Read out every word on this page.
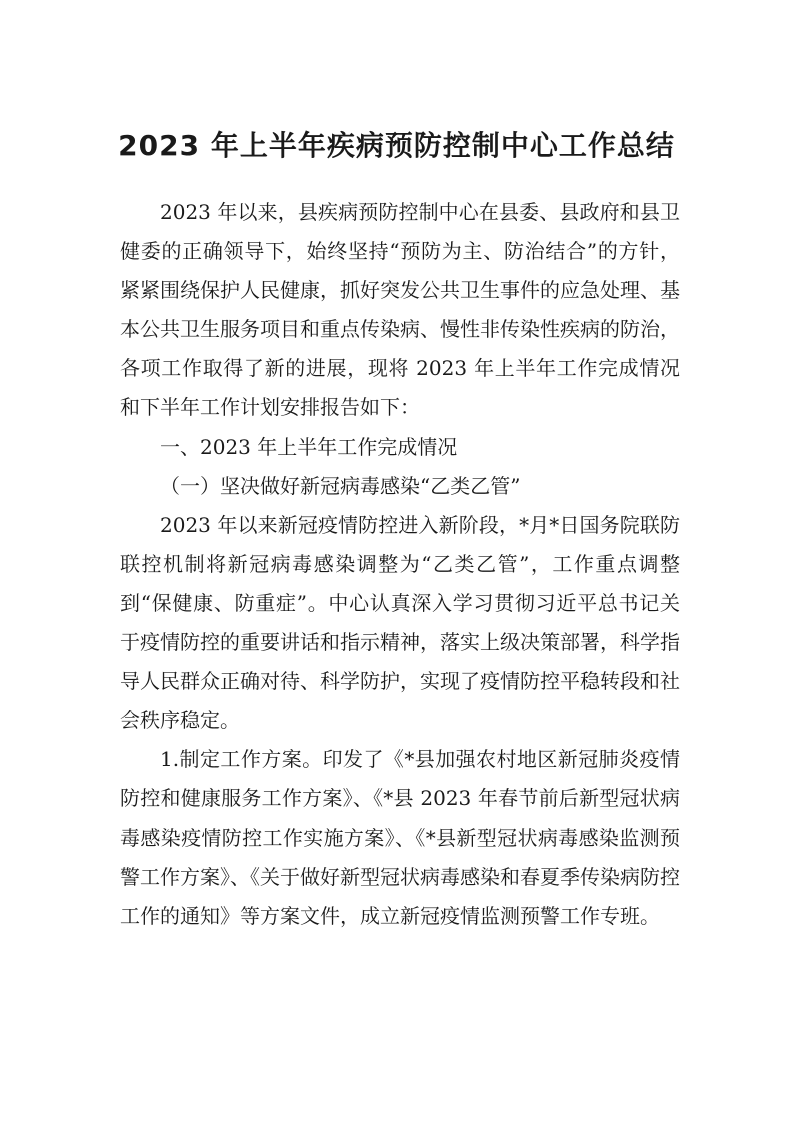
2023 年上半年疾病预防控制中心工作总结

2023 年以来，县疾病预防控制中心在县委、县政府和县卫健委的正确领导下，始终坚持“预防为主、防治结合”的方针，紧紧围绕保护人民健康，抓好突发公共卫生事件的应急处理、基本公共卫生服务项目和重点传染病、慢性非传染性疾病的防治，各项工作取得了新的进展，现将 2023 年上半年工作完成情况和下半年工作计划安排报告如下：

一、2023 年上半年工作完成情况

（一）坚决做好新冠病毒感染“乙类乙管”

2023 年以来新冠疫情防控进入新阶段，*月*日国务院联防联控机制将新冠病毒感染调整为“乙类乙管”，工作重点调整到“保健康、防重症”。中心认真深入学习贯彻习近平总书记关于疫情防控的重要讲话和指示精神，落实上级决策部署，科学指导人民群众正确对待、科学防护，实现了疫情防控平稳转段和社会秩序稳定。

1.制定工作方案。印发了《*县加强农村地区新冠肺炎疫情防控和健康服务工作方案》、《*县 2023 年春节前后新型冠状病毒感染疫情防控工作实施方案》、《*县新型冠状病毒感染监测预警工作方案》、《关于做好新型冠状病毒感染和春夏季传染病防控工作的通知》等方案文件，成立新冠疫情监测预警工作专班。
